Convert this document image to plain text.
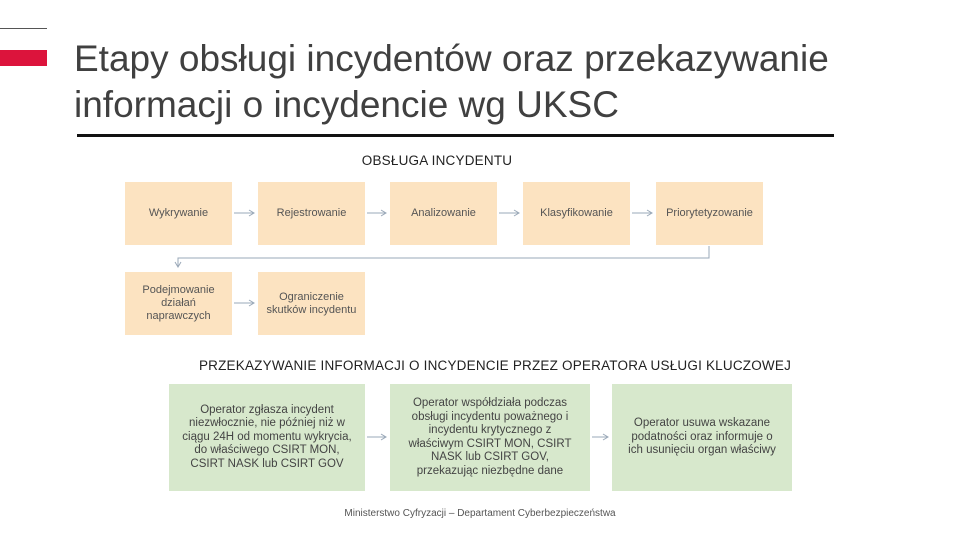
Etapy obsługi incydentów oraz przekazywanie informacji o incydencie wg UKSC
OBSŁUGA INCYDENTU
Wykrywanie	Rejestrowanie	Analizowanie	Klasyfikowanie	Priorytetyzowanie
Podejmowanie działań naprawczych
Ograniczenie skutków incydentu
PRZEKAZYWANIE INFORMACJI O INCYDENCIE PRZEZ OPERATORA USŁUGI KLUCZOWEJ
Operator zgłasza incydent niezwłocznie, nie później niż w ciągu 24H od momentu wykrycia, do właściwego CSIRT MON, CSIRT NASK lub CSIRT GOV
Operator współdziała podczas obsługi incydentu poważnego i incydentu krytycznego z właściwym CSIRT MON, CSIRT NASK lub CSIRT GOV, przekazując niezbędne dane
Operator usuwa wskazane podatności oraz informuje o ich usunięciu organ właściwy
Ministerstwo Cyfryzacji – Departament Cyberbezpieczeństwa
